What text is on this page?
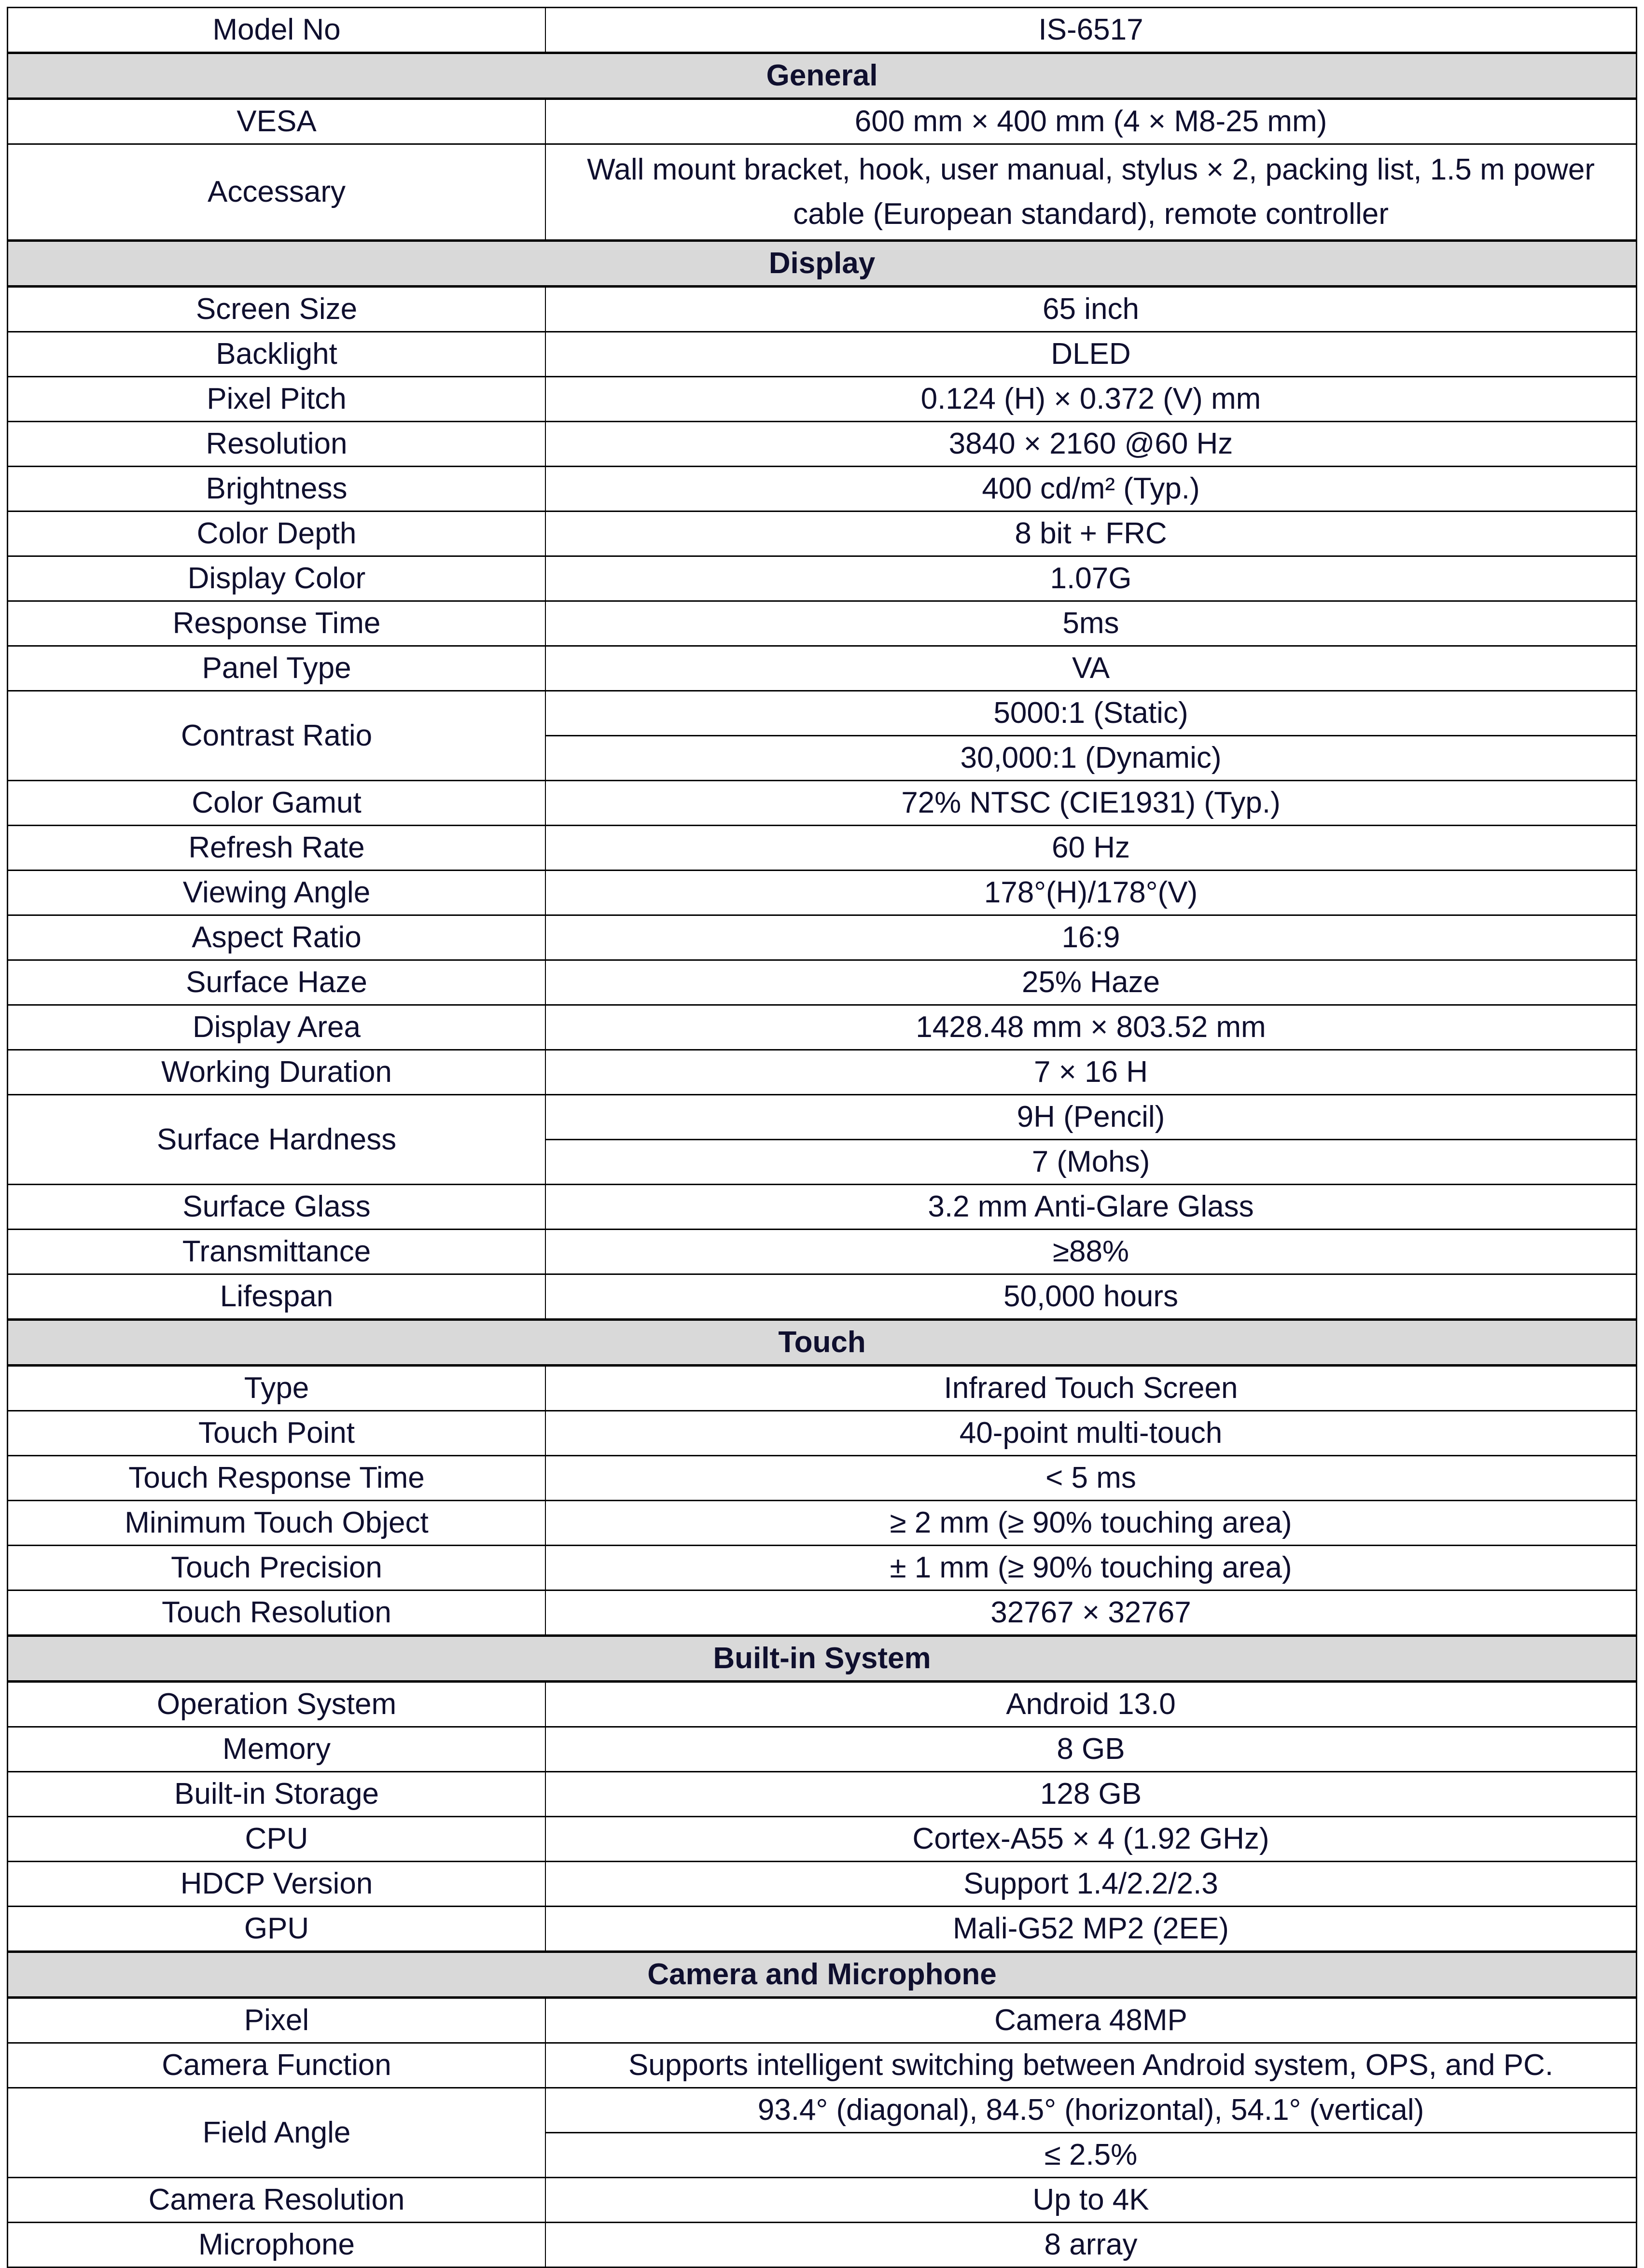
Model No	IS-6517
General	
VESA	600 mm × 400 mm (4 × M8-25 mm)
Accessary	Wall mount bracket, hook, user manual, stylus × 2, packing list, 1.5 m power cable (European standard), remote controller
Display	
Screen Size	65 inch
Backlight	DLED
Pixel Pitch	0.124 (H) × 0.372 (V) mm
Resolution	3840 × 2160 @60 Hz
Brightness	400 cd/m² (Typ.)
Color Depth	8 bit + FRC
Display Color	1.07G
Response Time	5ms
Panel Type	VA
Contrast Ratio	5000:1 (Static)
	30,000:1 (Dynamic)
Color Gamut	72% NTSC (CIE1931) (Typ.)
Refresh Rate	60 Hz
Viewing Angle	178°(H)/178°(V)
Aspect Ratio	16:9
Surface Haze	25% Haze
Display Area	1428.48 mm × 803.52 mm
Working Duration	7 × 16 H
Surface Hardness	9H (Pencil)
	7 (Mohs)
Surface Glass	3.2 mm Anti-Glare Glass
Transmittance	≥88%
Lifespan	50,000 hours
Touch	
Type	Infrared Touch Screen
Touch Point	40-point multi-touch
Touch Response Time	< 5 ms
Minimum Touch Object	≥ 2 mm (≥ 90% touching area)
Touch Precision	± 1 mm (≥ 90% touching area)
Touch Resolution	32767 × 32767
Built-in System	
Operation System	Android 13.0
Memory	8 GB
Built-in Storage	128 GB
CPU	Cortex-A55 × 4 (1.92 GHz)
HDCP Version	Support 1.4/2.2/2.3
GPU	Mali-G52 MP2 (2EE)
Camera and Microphone	
Pixel	Camera 48MP
Camera Function	Supports intelligent switching between Android system, OPS, and PC.
Field Angle	93.4° (diagonal), 84.5° (horizontal), 54.1° (vertical)
	≤ 2.5%
Camera Resolution	Up to 4K
Microphone	8 array
